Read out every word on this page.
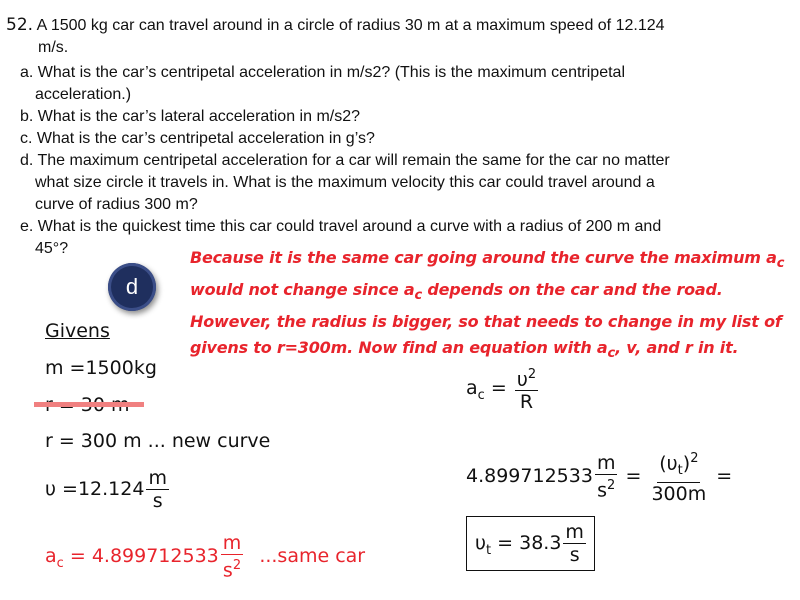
52. A 1500 kg car can travel around in a circle of radius 30 m at a maximum speed of 12.124
m/s.
a. What is the car’s centripetal acceleration in m/s2? (This is the maximum centripetal
acceleration.)
b. What is the car’s lateral acceleration in m/s2?
c. What is the car’s centripetal acceleration in g’s?
d. The maximum centripetal acceleration for a car will remain the same for the car no matter
what size circle it travels in. What is the maximum velocity this car could travel around a
curve of radius 300 m?
e. What is the quickest time this car could travel around a curve with a radius of 200 m and
45°?
d
Because it is the same car going around the curve the maximum $a_c$
would not change since $a_c$ depends on the car and the road.
However, the radius is bigger, so that needs to change in my list of
givens to r=300m. Now find an equation with $a_c$, v, and r in it.
Givens
m =1500kg
r = 300 m ... new curve
$\upsilon =12.124 \frac{m}{s}$
$a_c = 4.899712533 \frac{m}{s^2}$ ...same car
$a_c = \frac{\upsilon^2}{R}$
$4.899712533 \frac{m}{s^2} = \frac{(\upsilon_t)^2}{300m}$ =
$\upsilon_t = 38.3 \frac{m}{s}$
